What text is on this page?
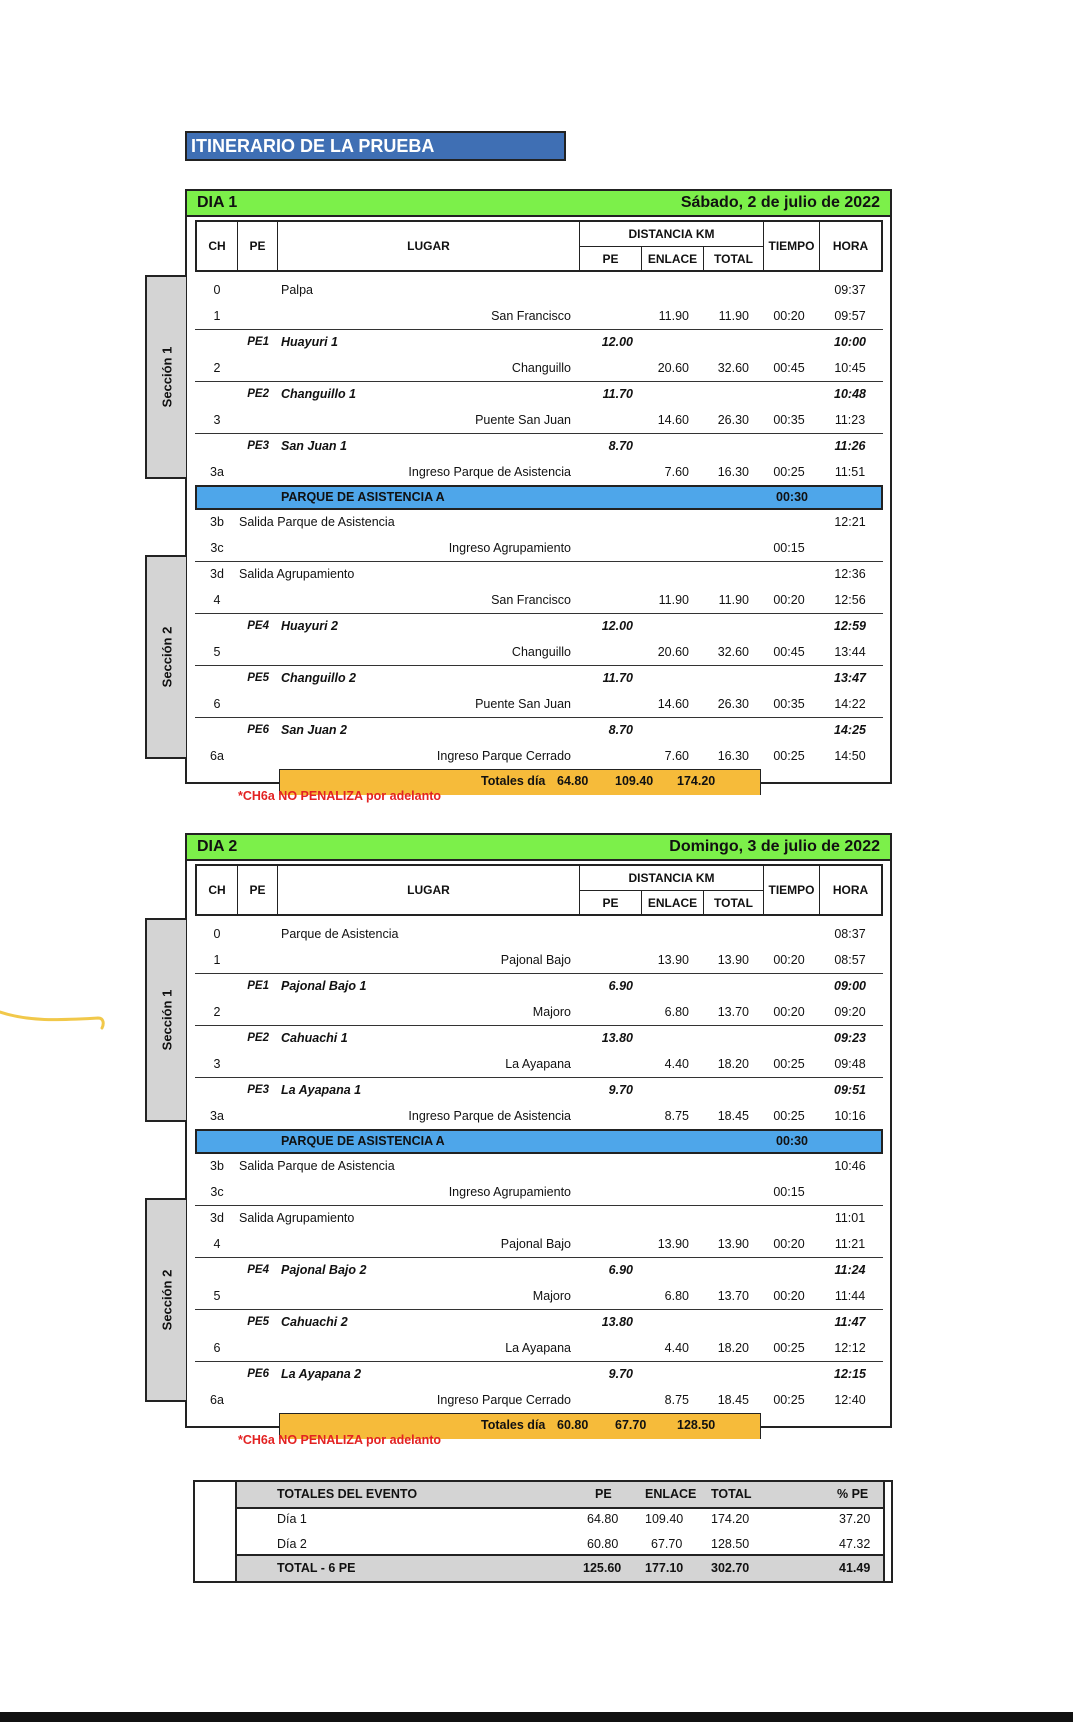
ITINERARIO DE LA PRUEBA
DIA 1	Sábado, 2 de julio de 2022
CH	PE	LUGAR
DISTANCIA KM
PE	ENLACE	TOTAL
TIEMPO	HORA
0	Palpa	09:37
1	San Francisco	11.90	11.90	00:20	09:57
PE1 Huayuri 1	12.00	10:00
2	Changuillo	20.60	32.60	00:45	10:45
PE2 Changuillo 1	11.70	10:48
3	Puente San Juan	14.60	26.30	00:35	11:23
PE3 San Juan 1	8.70	11:26
3a	Ingreso Parque de Asistencia	7.60	16.30	00:25	11:51
PARQUE DE ASISTENCIA A	00:30
3b Salida Parque de Asistencia	12:21
3c	Ingreso Agrupamiento	00:15
3d Salida Agrupamiento	12:36
4	San Francisco	11.90	11.90	00:20	12:56
PE4 Huayuri 2	12.00	12:59
5	Changuillo	20.60	32.60	00:45	13:44
PE5 Changuillo 2	11.70	13:47
6	Puente San Juan	14.60	26.30	00:35	14:22
PE6 San Juan 2	8.70	14:25
6a	Ingreso Parque Cerrado	7.60	16.30	00:25	14:50
Totales día 64.80 109.40 174.20
*CH6a NO PENALIZA por adelanto
Sección 1
Sección 2
DIA 2	Domingo, 3 de julio de 2022
CH	PE	LUGAR
DISTANCIA KM
PE	ENLACE	TOTAL
TIEMPO	HORA
0	Parque de Asistencia	08:37
1	Pajonal Bajo	13.90	13.90	00:20	08:57
PE1 Pajonal Bajo 1	6.90	09:00
2	Majoro	6.80	13.70	00:20	09:20
PE2 Cahuachi 1	13.80	09:23
3	La Ayapana	4.40	18.20	00:25	09:48
PE3 La Ayapana 1	9.70	09:51
3a	Ingreso Parque de Asistencia	8.75	18.45	00:25	10:16
PARQUE DE ASISTENCIA A	00:30
3b Salida Parque de Asistencia	10:46
3c	Ingreso Agrupamiento	00:15
3d Salida Agrupamiento	11:01
4	Pajonal Bajo	13.90	13.90	00:20	11:21
PE4 Pajonal Bajo 2	6.90	11:24
5	Majoro	6.80	13.70	00:20	11:44
PE5 Cahuachi 2	13.80	11:47
6	La Ayapana	4.40	18.20	00:25	12:12
PE6 La Ayapana 2	9.70	12:15
6a	Ingreso Parque Cerrado	8.75	18.45	00:25	12:40
Totales día 60.80 67.70 128.50
*CH6a NO PENALIZA por adelanto
Sección 1
Sección 2
TOTALES DEL EVENTO	PE	ENLACE TOTAL	% PE
Día 1	64.80 109.40 174.20	37.20
Día 2	60.80	67.70 128.50	47.32
TOTAL - 6 PE	125.60 177.10 302.70	41.49
